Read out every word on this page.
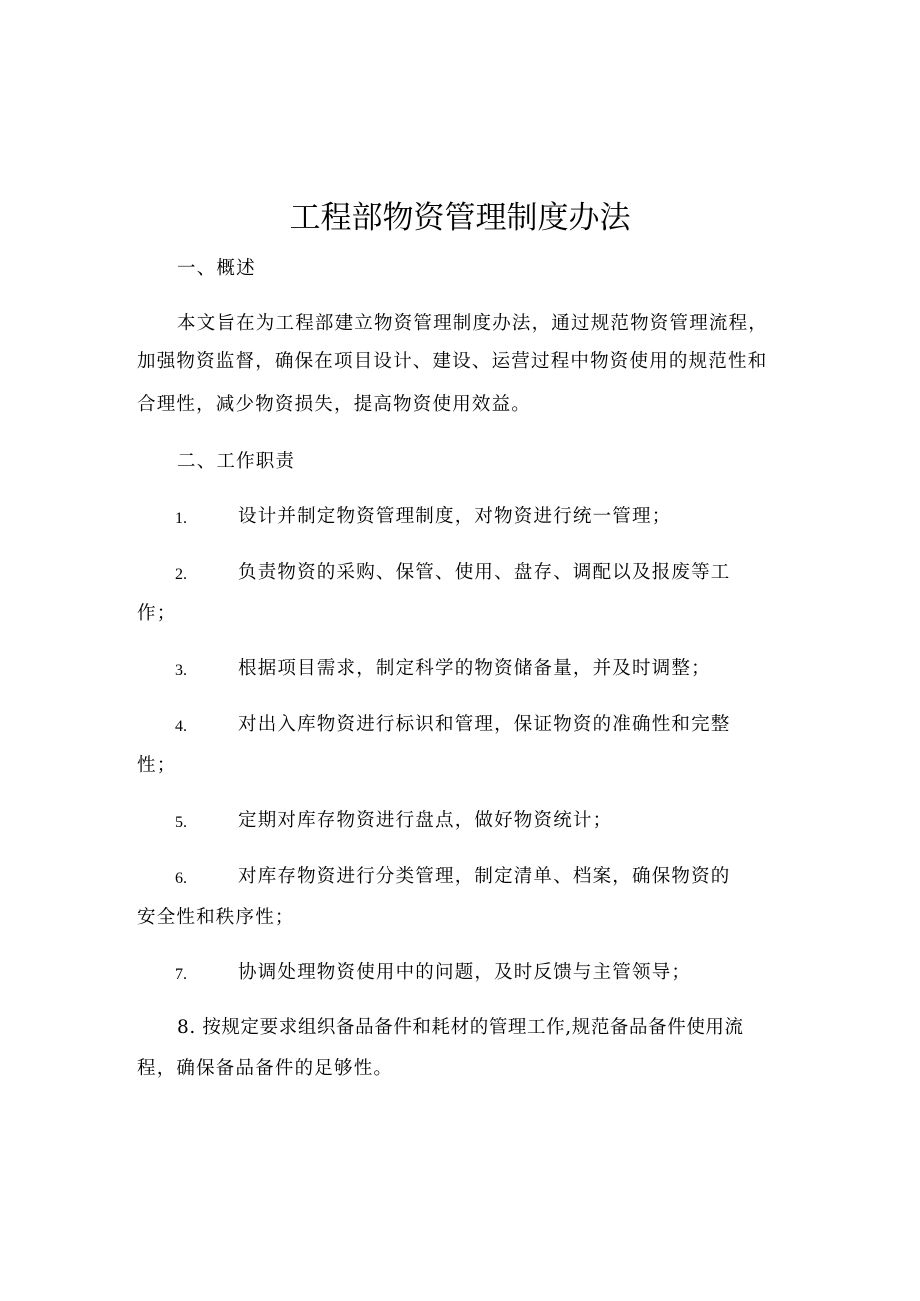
工程部物资管理制度办法
一、概述
本文旨在为工程部建立物资管理制度办法，通过规范物资管理流程，
加强物资监督，确保在项目设计、建设、运营过程中物资使用的规范性和
合理性，减少物资损失，提高物资使用效益。
二、工作职责
1.	设计并制定物资管理制度，对物资进行统一管理；
2.	负责物资的采购、保管、使用、盘存、调配以及报废等工
作；
3.	根据项目需求，制定科学的物资储备量，并及时调整；
4.	对出入库物资进行标识和管理，保证物资的准确性和完整
性；
5.	定期对库存物资进行盘点，做好物资统计；
6.	对库存物资进行分类管理，制定清单、档案，确保物资的
安全性和秩序性；
7.	协调处理物资使用中的问题，及时反馈与主管领导；
8. 按规定要求组织备品备件和耗材的管理工作,规范备品备件使用流
程，确保备品备件的足够性。
